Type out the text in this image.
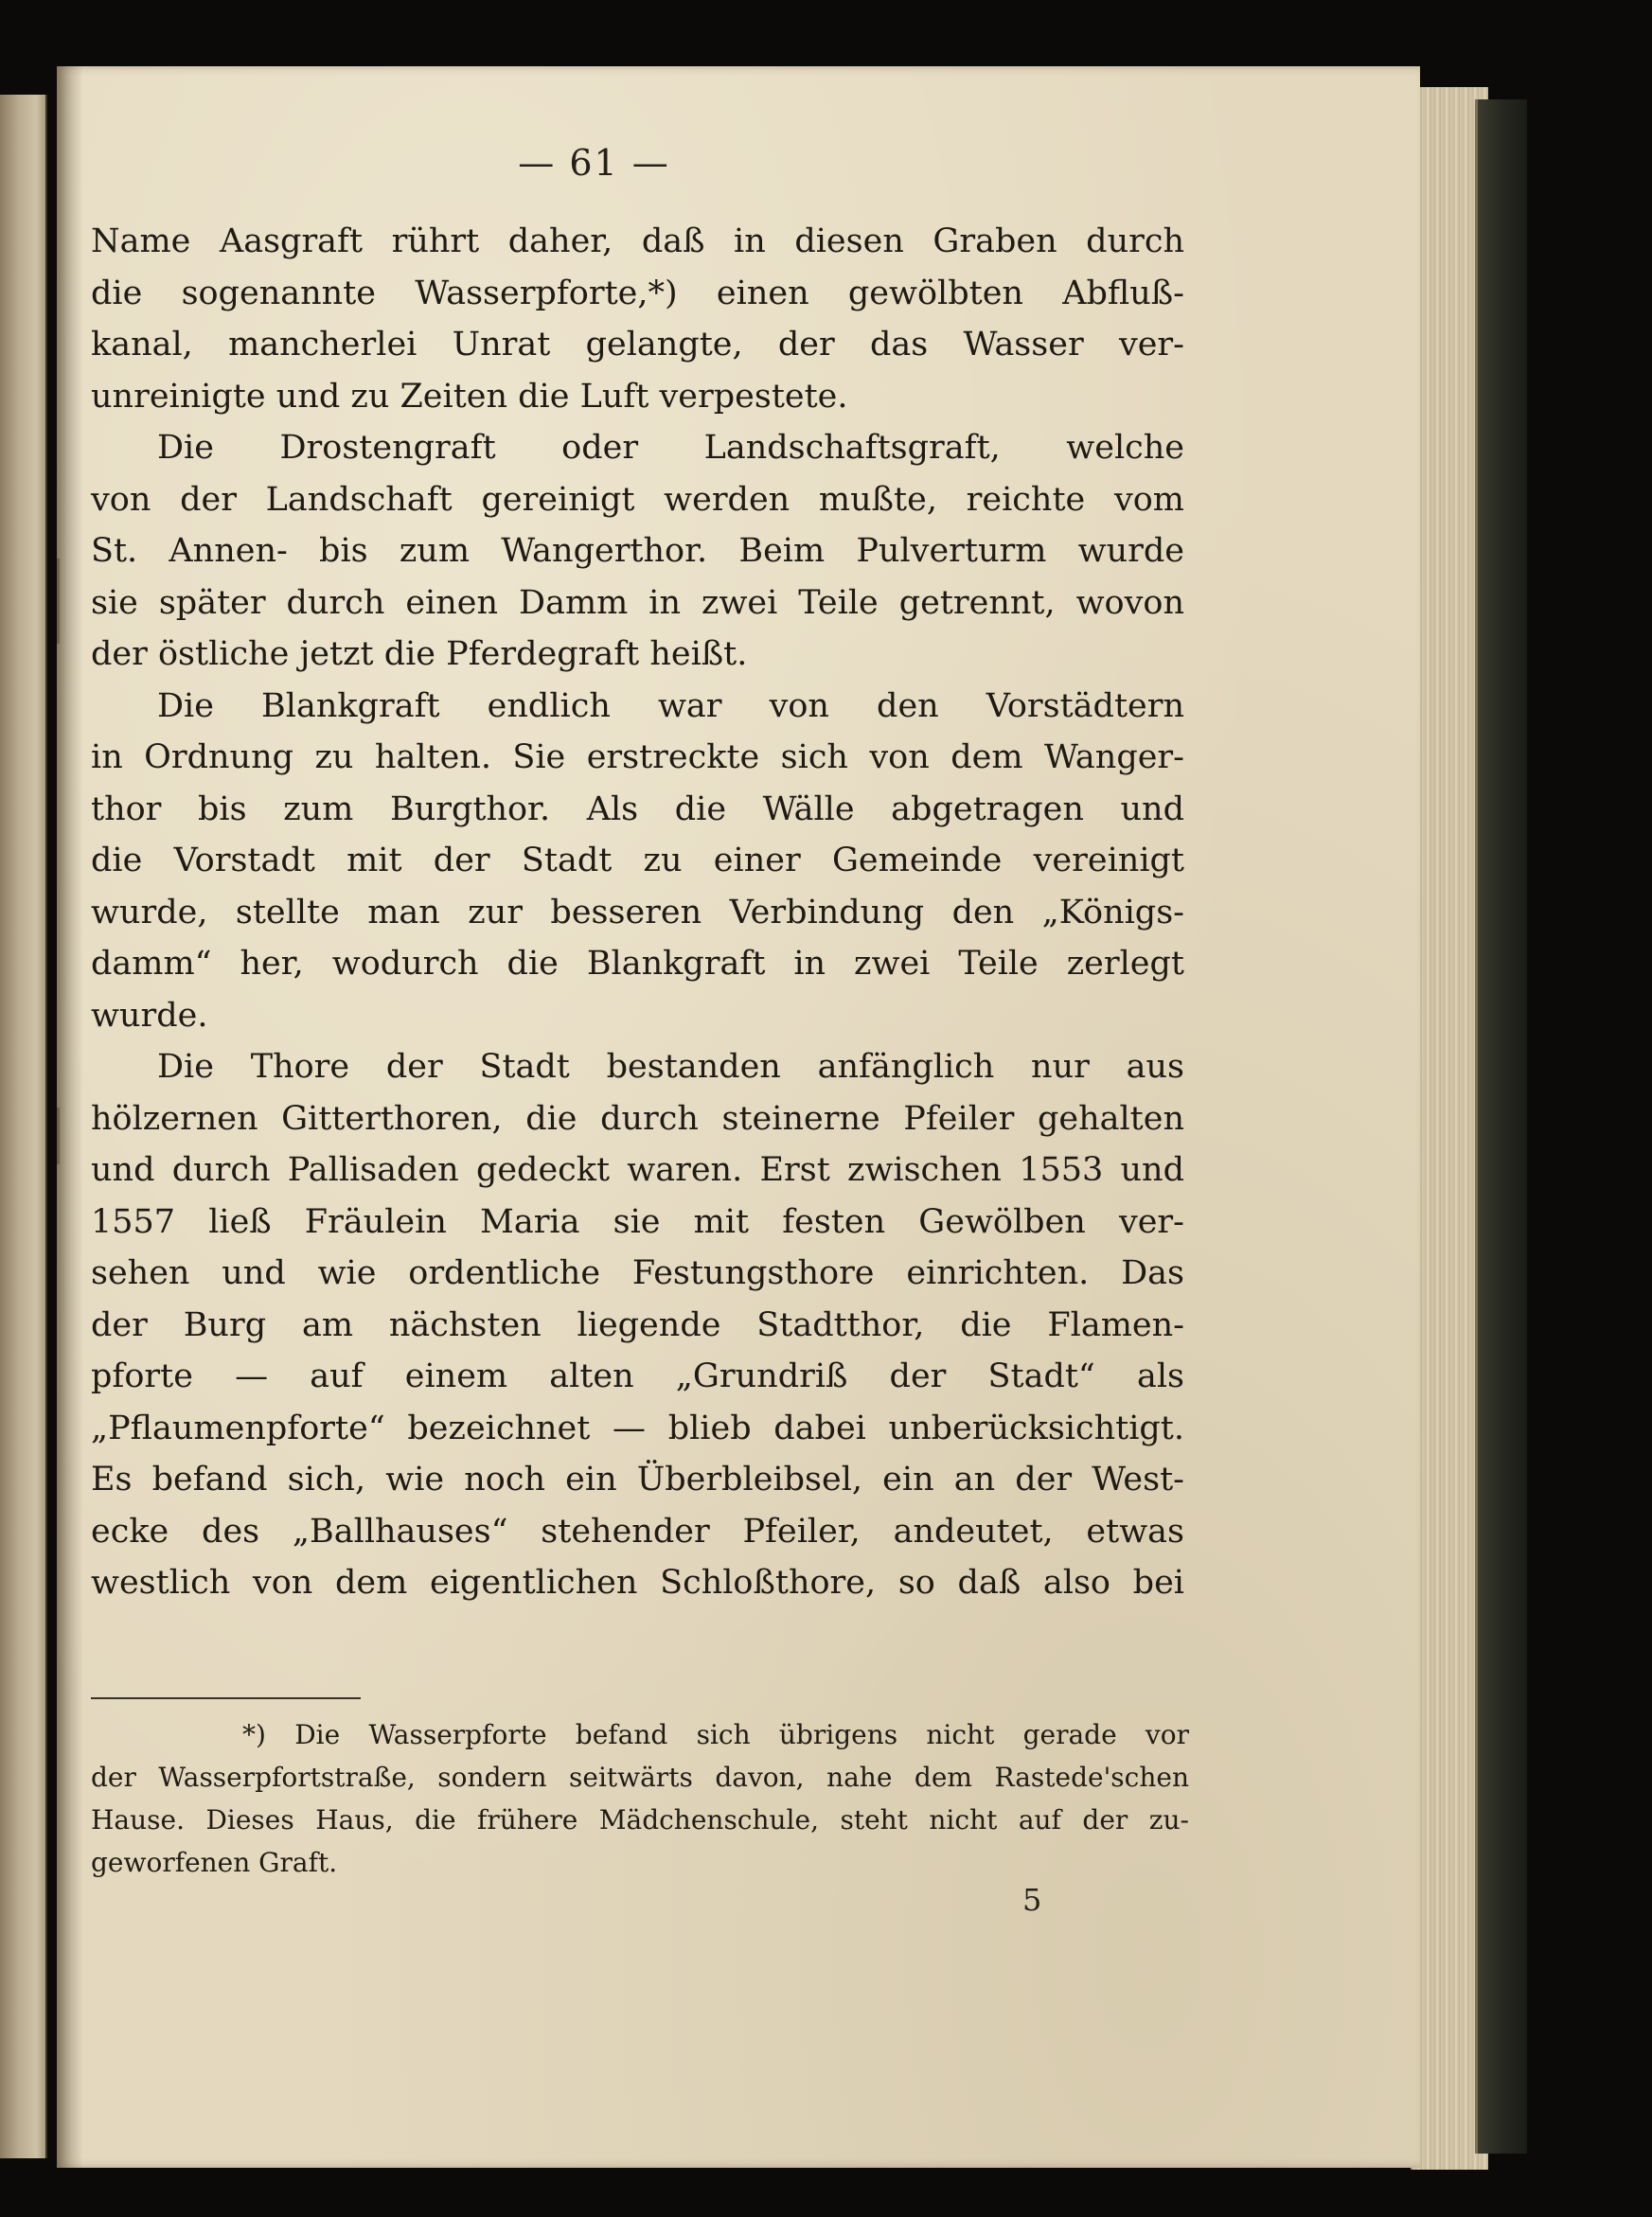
— 61 —
Name Aasgraft rührt daher, daß in diesen Graben durch
die sogenannte Wasserpforte,*) einen gewölbten Abfluß-
kanal, mancherlei Unrat gelangte, der das Wasser ver-
unreinigte und zu Zeiten die Luft verpestete.
Die Drostengraft oder Landschaftsgraft, welche
von der Landschaft gereinigt werden mußte, reichte vom
St. Annen- bis zum Wangerthor. Beim Pulverturm wurde
sie später durch einen Damm in zwei Teile getrennt, wovon
der östliche jetzt die Pferdegraft heißt.
Die Blankgraft endlich war von den Vorstädtern
in Ordnung zu halten. Sie erstreckte sich von dem Wanger-
thor bis zum Burgthor. Als die Wälle abgetragen und
die Vorstadt mit der Stadt zu einer Gemeinde vereinigt
wurde, stellte man zur besseren Verbindung den „Königs-
damm“ her, wodurch die Blankgraft in zwei Teile zerlegt
wurde.
Die Thore der Stadt bestanden anfänglich nur aus
hölzernen Gitterthoren, die durch steinerne Pfeiler gehalten
und durch Pallisaden gedeckt waren. Erst zwischen 1553 und
1557 ließ Fräulein Maria sie mit festen Gewölben ver-
sehen und wie ordentliche Festungsthore einrichten. Das
der Burg am nächsten liegende Stadtthor, die Flamen-
pforte — auf einem alten „Grundriß der Stadt“ als
„Pflaumenpforte“ bezeichnet — blieb dabei unberücksichtigt.
Es befand sich, wie noch ein Überbleibsel, ein an der West-
ecke des „Ballhauses“ stehender Pfeiler, andeutet, etwas
westlich von dem eigentlichen Schloßthore, so daß also bei
*) Die Wasserpforte befand sich übrigens nicht gerade vor
der Wasserpfortstraße, sondern seitwärts davon, nahe dem Rastede'schen
Hause. Dieses Haus, die frühere Mädchenschule, steht nicht auf der zu-
geworfenen Graft.
5
